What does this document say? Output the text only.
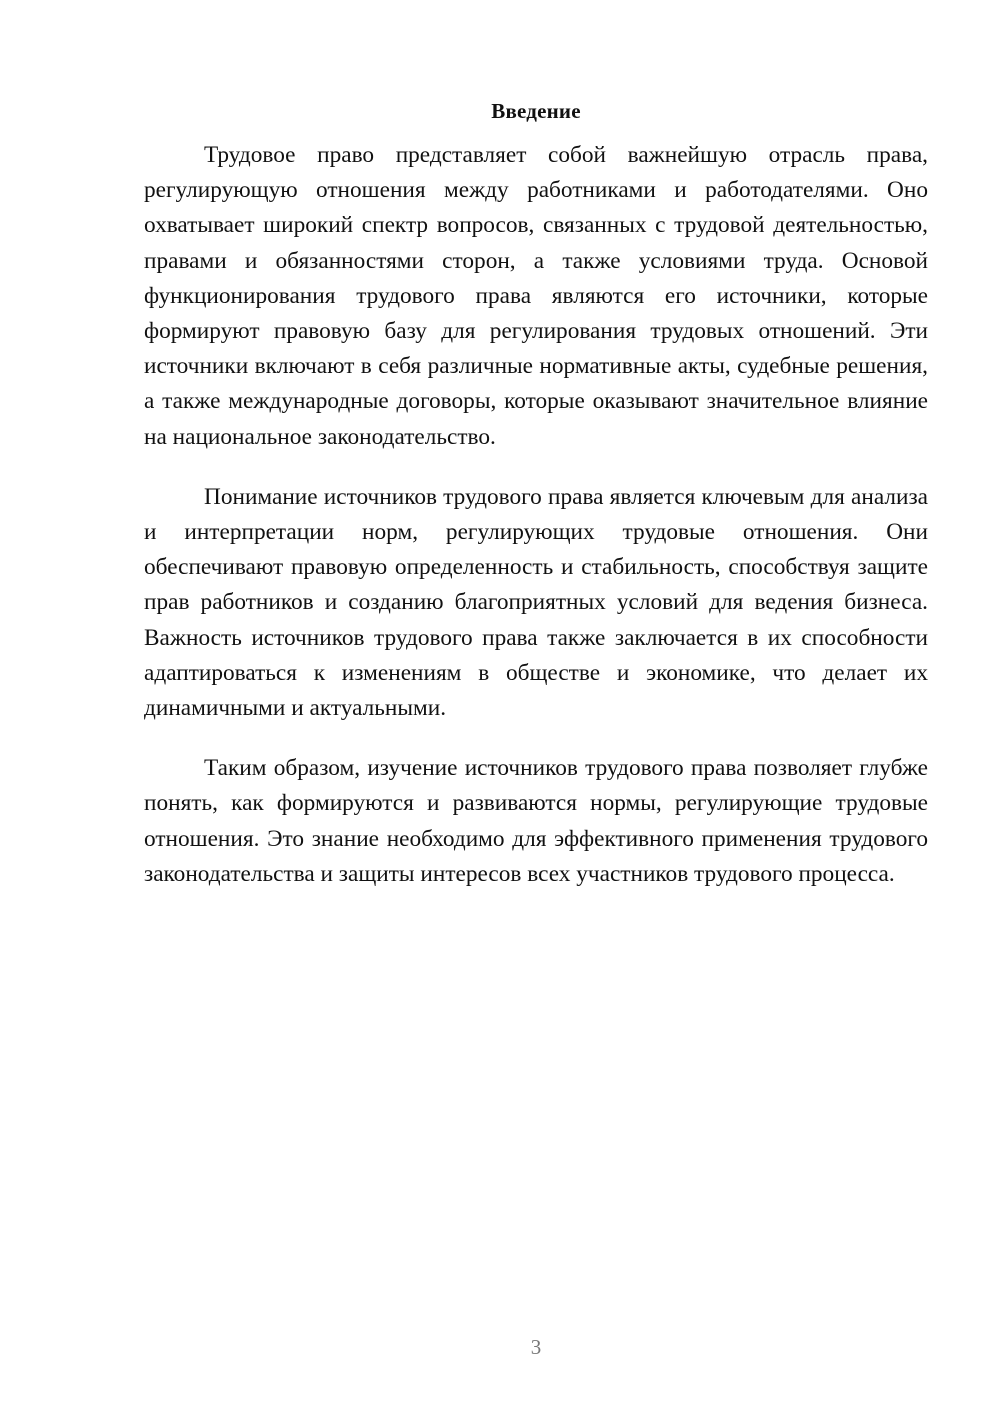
Введение

Трудовое право представляет собой важнейшую отрасль права, регулирующую отношения между работниками и работодателями. Оно охватывает широкий спектр вопросов, связанных с трудовой деятельностью, правами и обязанностями сторон, а также условиями труда. Основой функционирования трудового права являются его источники, которые формируют правовую базу для регулирования трудовых отношений. Эти источники включают в себя различные нормативные акты, судебные решения, а также международные договоры, которые оказывают значительное влияние на национальное законодательство.

Понимание источников трудового права является ключевым для анализа и интерпретации норм, регулирующих трудовые отношения. Они обеспечивают правовую определенность и стабильность, способствуя защите прав работников и созданию благоприятных условий для ведения бизнеса. Важность источников трудового права также заключается в их способности адаптироваться к изменениям в обществе и экономике, что делает их динамичными и актуальными.

Таким образом, изучение источников трудового права позволяет глубже понять, как формируются и развиваются нормы, регулирующие трудовые отношения. Это знание необходимо для эффективного применения трудового законодательства и защиты интересов всех участников трудового процесса.

3
